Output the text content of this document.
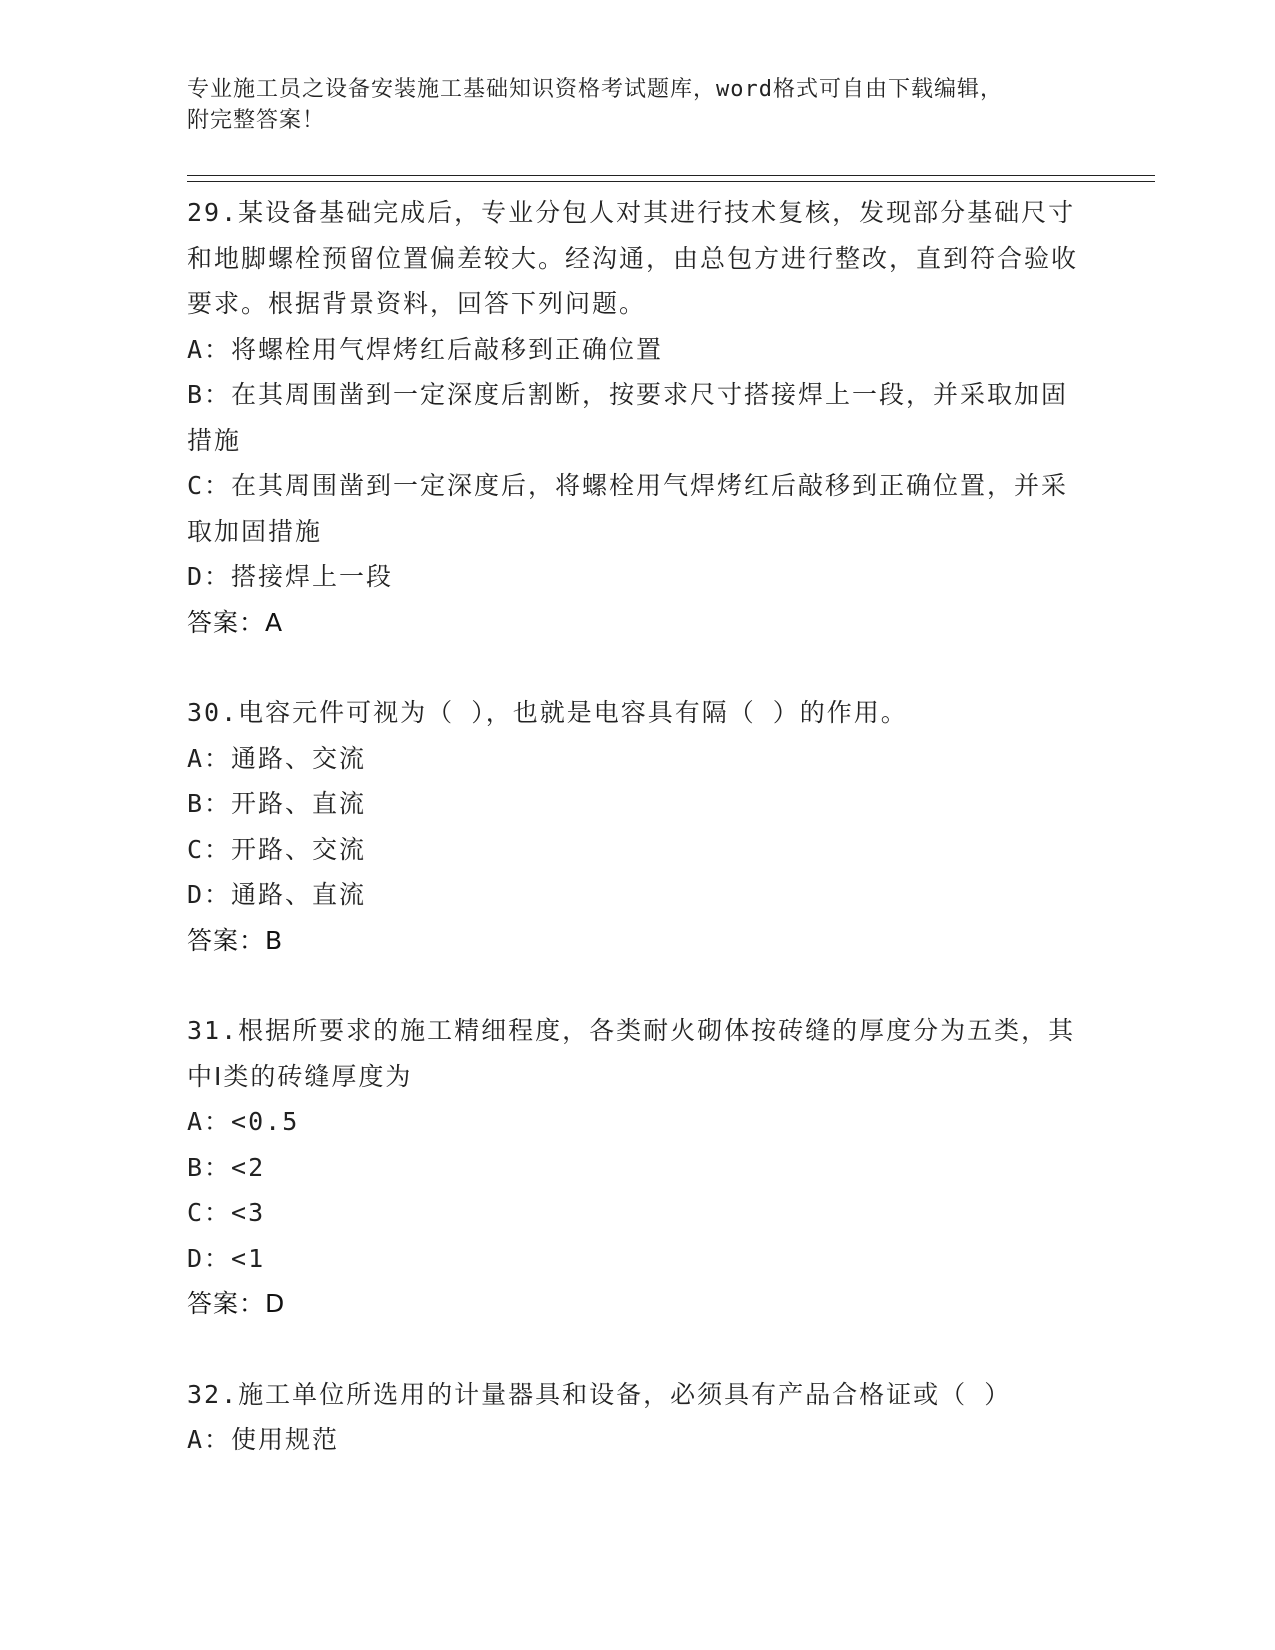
专业施工员之设备安装施工基础知识资格考试题库，word格式可自由下载编辑，
附完整答案！
29.某设备基础完成后，专业分包人对其进行技术复核，发现部分基础尺寸和地脚螺栓预留位置偏差较大。经沟通，由总包方进行整改，直到符合验收要求。根据背景资料，回答下列问题。
A：将螺栓用气焊烤红后敲移到正确位置
B：在其周围凿到一定深度后割断，按要求尺寸搭接焊上一段，并采取加固措施
C：在其周围凿到一定深度后，将螺栓用气焊烤红后敲移到正确位置，并采取加固措施
D：搭接焊上一段
答案：A
30.电容元件可视为（ ），也就是电容具有隔（ ）的作用。
A：通路、交流
B：开路、直流
C：开路、交流
D：通路、直流
答案：B
31.根据所要求的施工精细程度，各类耐火砌体按砖缝的厚度分为五类，其中Ⅰ类的砖缝厚度为
A：<0.5
B：<2
C：<3
D：<1
答案：D
32.施工单位所选用的计量器具和设备，必须具有产品合格证或（ ）
A：使用规范
